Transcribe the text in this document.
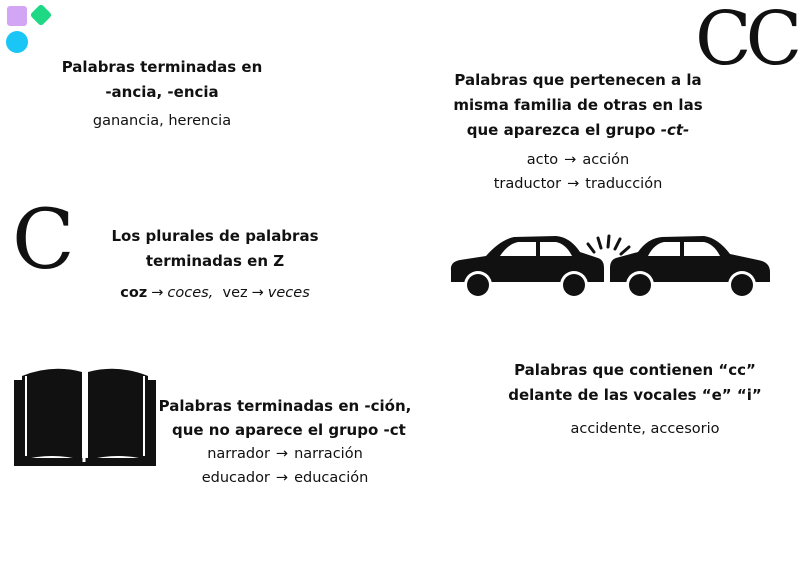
CC
C
Palabras terminadas en
-ancia, -encia
ganancia, herencia
Palabras que pertenecen a la
misma familia de otras en las
que aparezca el grupo -ct-
acto → acción
traductor → traducción
Los plurales de palabras
terminadas en Z
coz → coces, vez → veces
Palabras que contienen “cc”
delante de las vocales “e” “i”
accidente, accesorio
Palabras terminadas en -ción,
que no aparece el grupo -ct
narrador → narración
educador → educación
